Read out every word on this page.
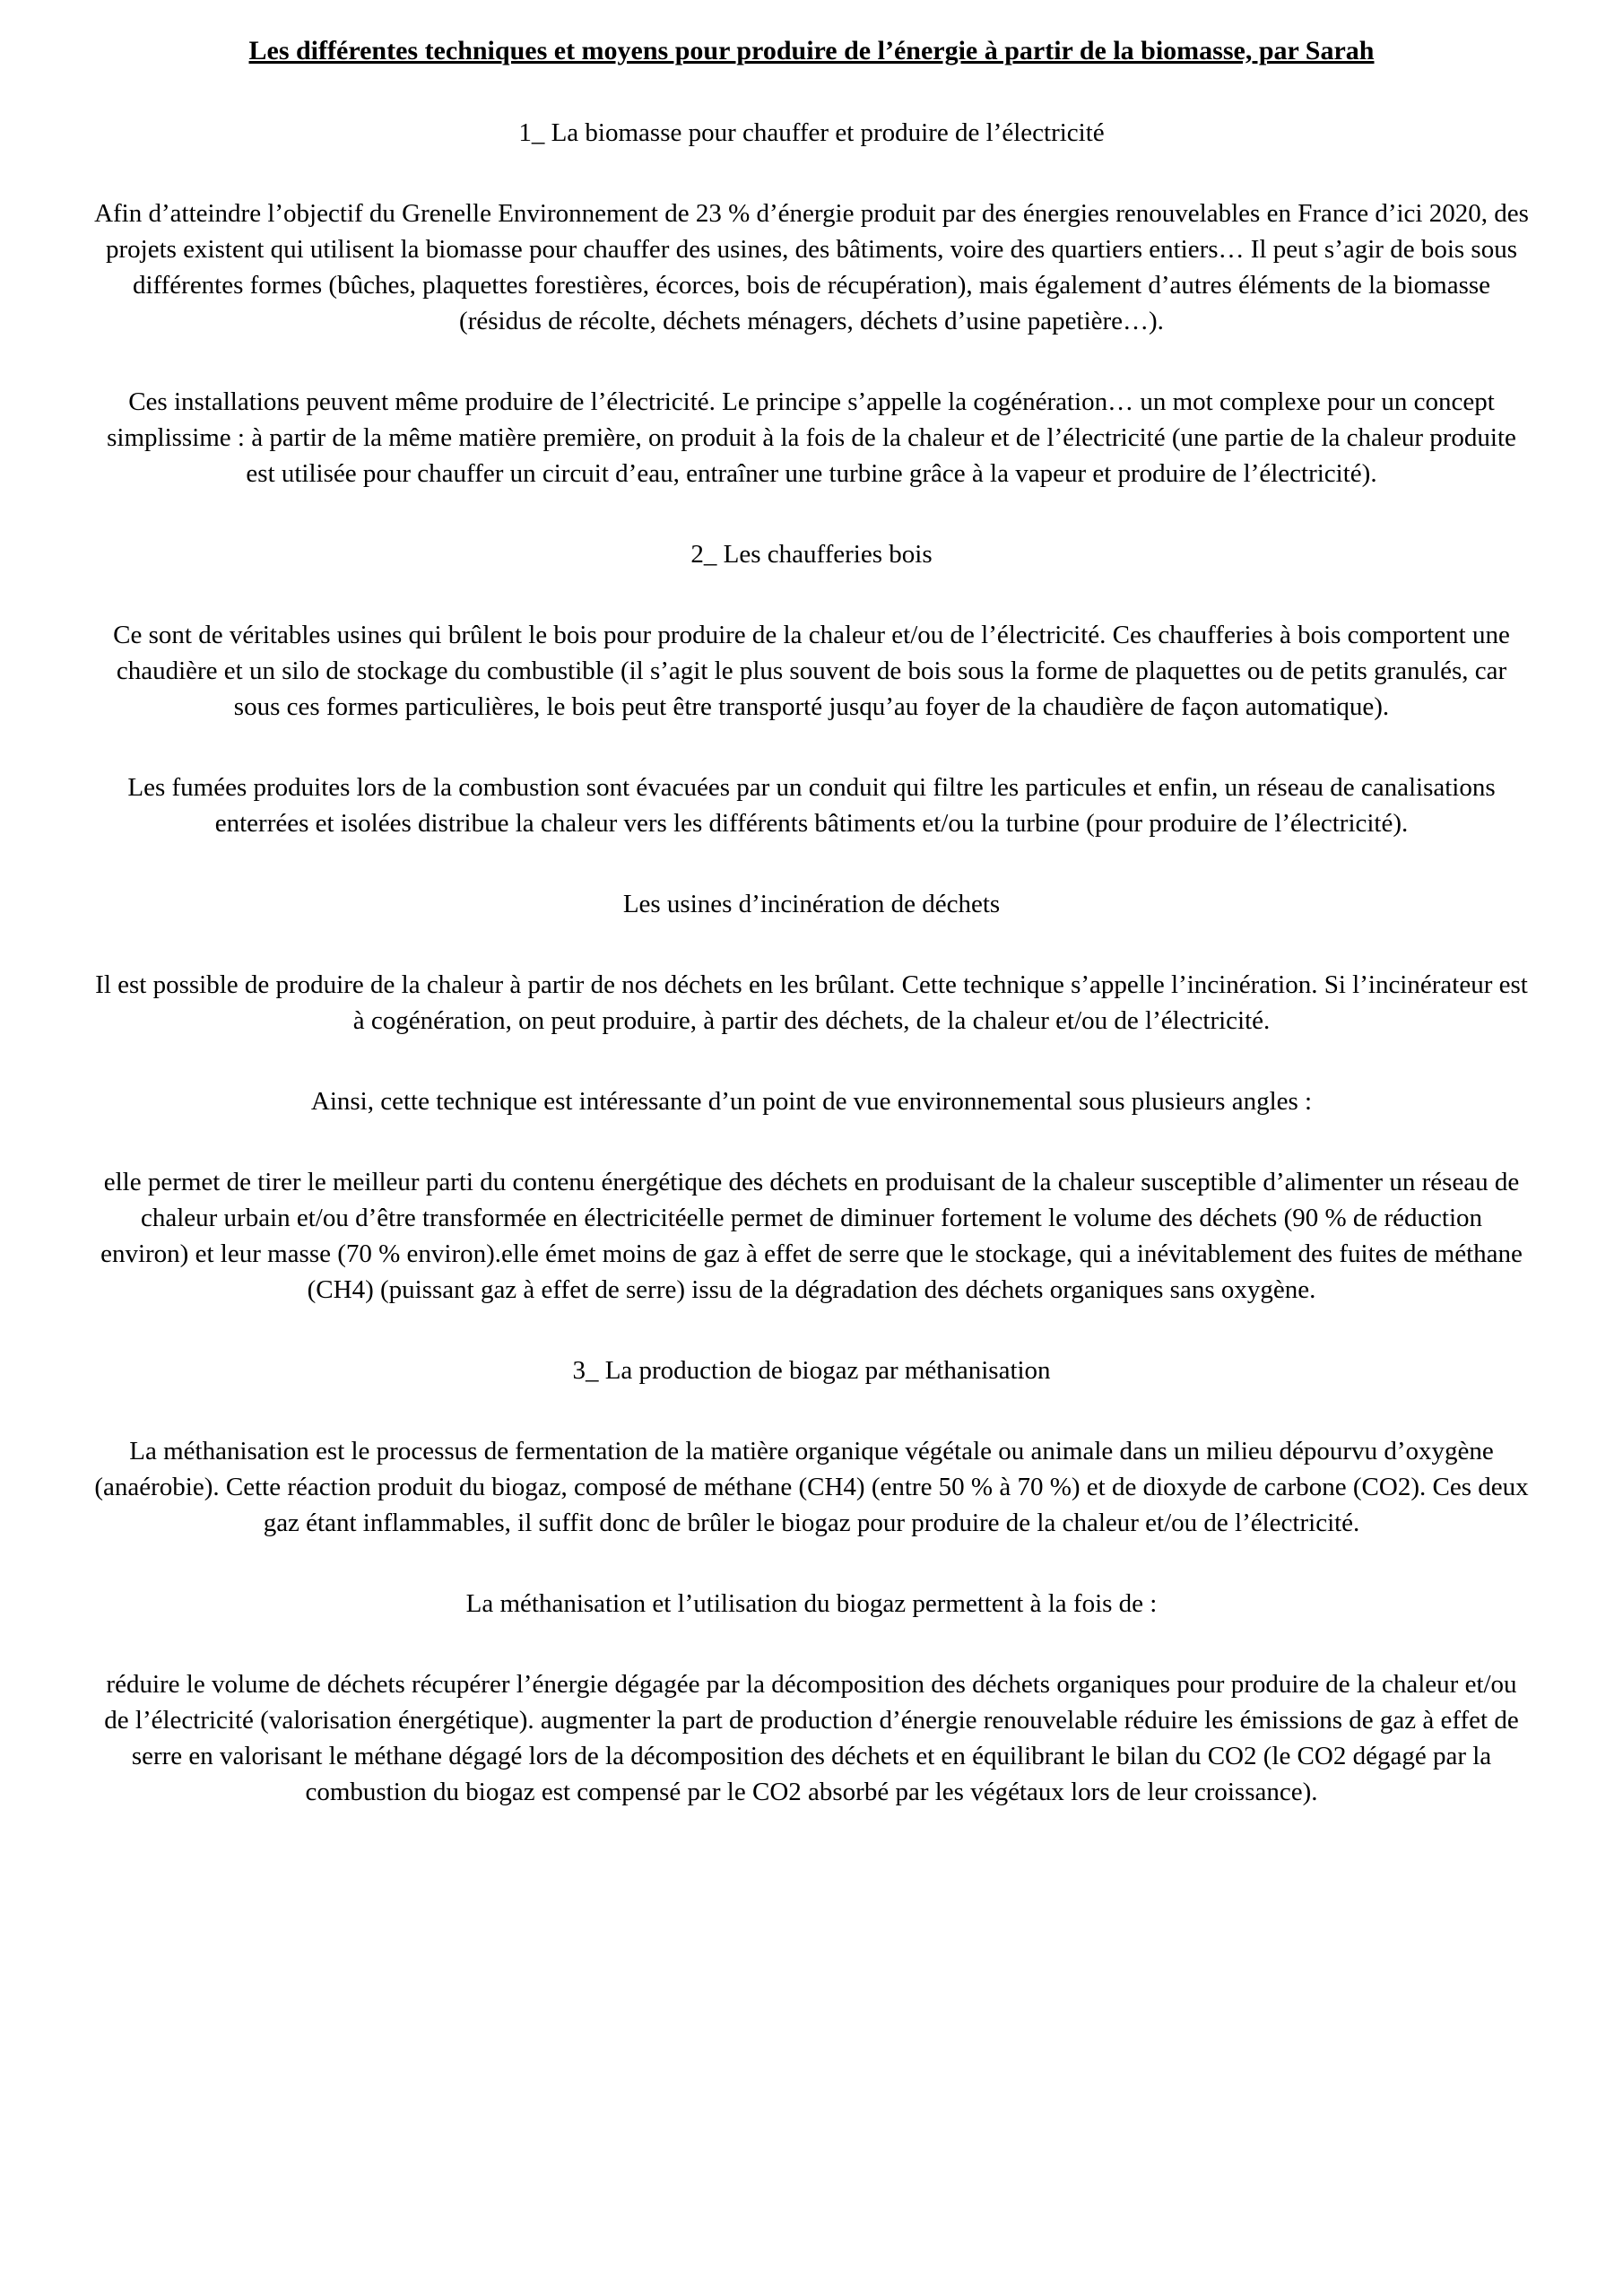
Les différentes techniques et moyens pour produire de l’énergie à partir de la biomasse, par Sarah
1_ La biomasse pour chauffer et produire de l’électricité

Afin d’atteindre l’objectif du Grenelle Environnement de 23 % d’énergie produit par des énergies renouvelables en France d’ici 2020, des projets existent qui utilisent la biomasse pour chauffer des usines, des bâtiments, voire des quartiers entiers… Il peut s’agir de bois sous différentes formes (bûches, plaquettes forestières, écorces, bois de récupération), mais également d’autres éléments de la biomasse (résidus de récolte, déchets ménagers, déchets d’usine papetière…).

Ces installations peuvent même produire de l’électricité. Le principe s’appelle la cogénération… un mot complexe pour un concept simplissime : à partir de la même matière première, on produit à la fois de la chaleur et de l’électricité (une partie de la chaleur produite est utilisée pour chauffer un circuit d’eau, entraîner une turbine grâce à la vapeur et produire de l’électricité).

2_ Les chaufferies bois

Ce sont de véritables usines qui brûlent le bois pour produire de la chaleur et/ou de l’électricité. Ces chaufferies à bois comportent une chaudière et un silo de stockage du combustible (il s’agit le plus souvent de bois sous la forme de plaquettes ou de petits granulés, car sous ces formes particulières, le bois peut être transporté jusqu’au foyer de la chaudière de façon automatique).

Les fumées produites lors de la combustion sont évacuées par un conduit qui filtre les particules et enfin, un réseau de canalisations enterrées et isolées distribue la chaleur vers les différents bâtiments et/ou la turbine (pour produire de l’électricité).

Les usines d’incinération de déchets

Il est possible de produire de la chaleur à partir de nos déchets en les brûlant. Cette technique s’appelle l’incinération. Si l’incinérateur est à cogénération, on peut produire, à partir des déchets, de la chaleur et/ou de l’électricité.

Ainsi, cette technique est intéressante d’un point de vue environnemental sous plusieurs angles :

elle permet de tirer le meilleur parti du contenu énergétique des déchets en produisant de la chaleur susceptible d’alimenter un réseau de chaleur urbain et/ou d’être transformée en électricitéelle permet de diminuer fortement le volume des déchets (90 % de réduction environ) et leur masse (70 % environ).elle émet moins de gaz à effet de serre que le stockage, qui a inévitablement des fuites de méthane (CH4) (puissant gaz à effet de serre) issu de la dégradation des déchets organiques sans oxygène.

3_ La production de biogaz par méthanisation

La méthanisation est le processus de fermentation de la matière organique végétale ou animale dans un milieu dépourvu d’oxygène (anaérobie). Cette réaction produit du biogaz, composé de méthane (CH4) (entre 50 % à 70 %) et de dioxyde de carbone (CO2). Ces deux gaz étant inflammables, il suffit donc de brûler le biogaz pour produire de la chaleur et/ou de l’électricité.

La méthanisation et l’utilisation du biogaz permettent à la fois de :

réduire le volume de déchets récupérer l’énergie dégagée par la décomposition des déchets organiques pour produire de la chaleur et/ou de l’électricité (valorisation énergétique). augmenter la part de production d’énergie renouvelable réduire les émissions de gaz à effet de serre en valorisant le méthane dégagé lors de la décomposition des déchets et en équilibrant le bilan du CO2 (le CO2 dégagé par la combustion du biogaz est compensé par le CO2 absorbé par les végétaux lors de leur croissance).
